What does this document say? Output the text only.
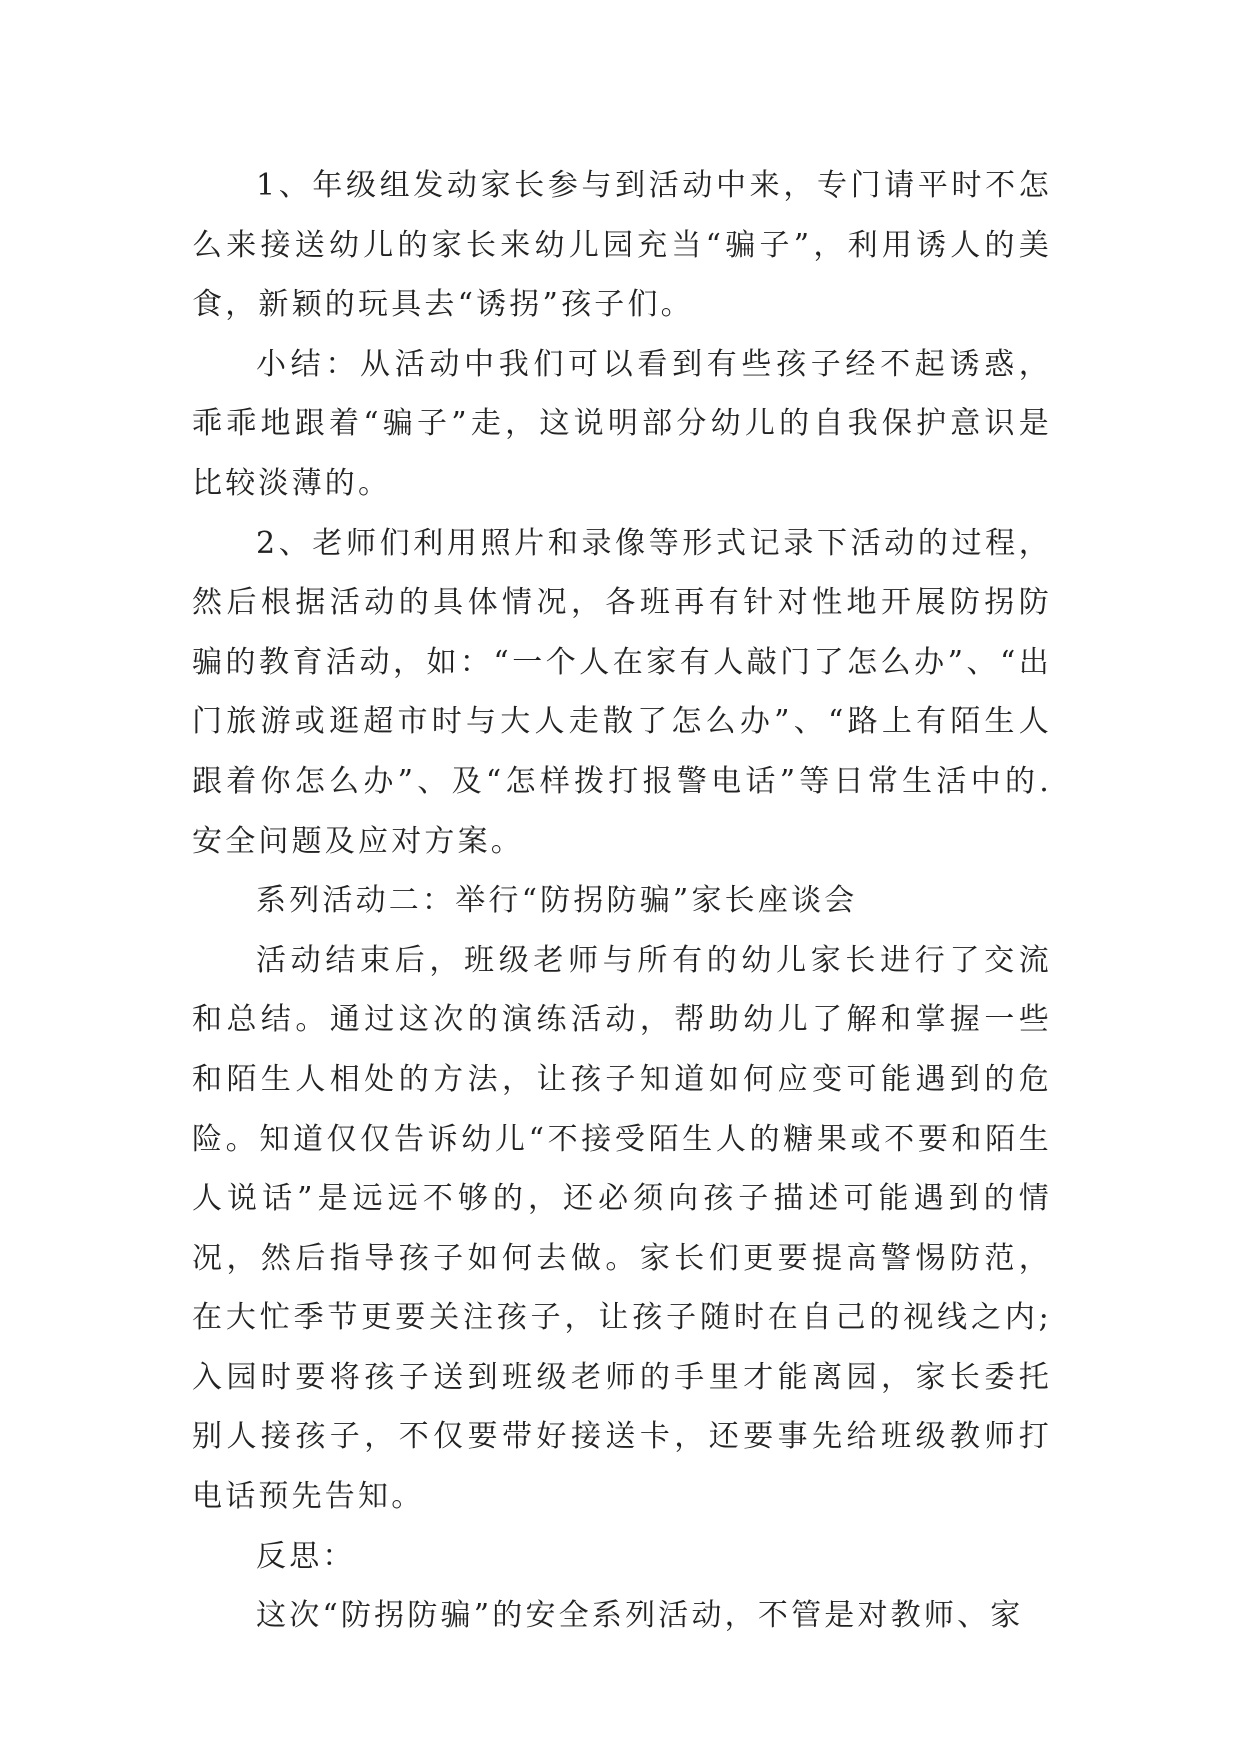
1、年级组发动家长参与到活动中来，专门请平时不怎么来接送幼儿的家长来幼儿园充当“骗子”，利用诱人的美食，新颖的玩具去“诱拐”孩子们。

小结：从活动中我们可以看到有些孩子经不起诱惑，乖乖地跟着“骗子”走，这说明部分幼儿的自我保护意识是比较淡薄的。

2、老师们利用照片和录像等形式记录下活动的过程，然后根据活动的具体情况，各班再有针对性地开展防拐防骗的教育活动，如：“一个人在家有人敲门了怎么办”、“出门旅游或逛超市时与大人走散了怎么办”、“路上有陌生人跟着你怎么办”、及“怎样拨打报警电话”等日常生活中的.安全问题及应对方案。

系列活动二：举行“防拐防骗”家长座谈会

活动结束后，班级老师与所有的幼儿家长进行了交流和总结。通过这次的演练活动，帮助幼儿了解和掌握一些和陌生人相处的方法，让孩子知道如何应变可能遇到的危险。知道仅仅告诉幼儿“不接受陌生人的糖果或不要和陌生人说话”是远远不够的，还必须向孩子描述可能遇到的情况，然后指导孩子如何去做。家长们更要提高警惕防范，在大忙季节更要关注孩子，让孩子随时在自己的视线之内;入园时要将孩子送到班级老师的手里才能离园，家长委托别人接孩子，不仅要带好接送卡，还要事先给班级教师打电话预先告知。

反思：

这次“防拐防骗”的安全系列活动，不管是对教师、家
